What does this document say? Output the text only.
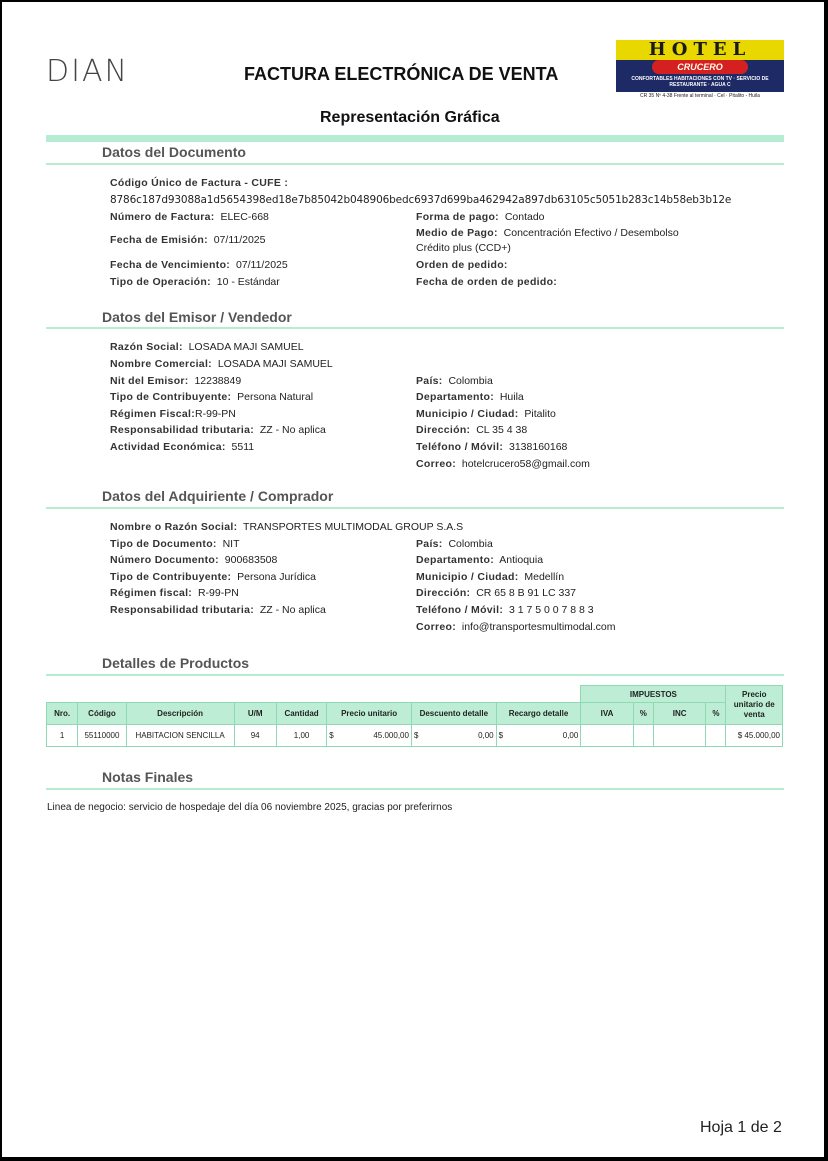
DIAN	FACTURA ELECTRÓNICA DE VENTA
HOTEL
CRUCERO
CONFORTABLES HABITACIONES CON TV · SERVICIO DE RESTAURANTE · AGUA C
CR 35 Nº 4-38 Frente al terminal · Cel · Pitalito - Huila
Representación Gráfica
Datos del Documento
Código Único de Factura - CUFE :
8786c187d93088a1d5654398ed18e7b85042b048906bedc6937d699ba462942a897db63105c5051b283c14b58eb3b12e
Número de Factura: ELEC-668
Fecha de Emisión: 07/11/2025
Fecha de Vencimiento: 07/11/2025
Tipo de Operación: 10 - Estándar
Forma de pago: Contado
Medio de Pago: Concentración Efectivo / Desembolso
Crédito plus (CCD+)
Orden de pedido:
Fecha de orden de pedido:
Datos del Emisor / Vendedor
Razón Social: LOSADA MAJI SAMUEL
Nombre Comercial: LOSADA MAJI SAMUEL
Nit del Emisor: 12238849
Tipo de Contribuyente: Persona Natural
Régimen Fiscal:R-99-PN
Responsabilidad tributaria: ZZ - No aplica
Actividad Económica: 5511
País: Colombia
Departamento: Huila
Municipio / Ciudad: Pitalito
Dirección: CL 35 4 38
Teléfono / Móvil: 3138160168
Correo: hotelcrucero58@gmail.com
Datos del Adquiriente / Comprador
Nombre o Razón Social: TRANSPORTES MULTIMODAL GROUP S.A.S
Tipo de Documento: NIT
Número Documento: 900683508
Tipo de Contribuyente: Persona Jurídica
Régimen fiscal: R-99-PN
Responsabilidad tributaria: ZZ - No aplica
País: Colombia
Departamento: Antioquia
Municipio / Ciudad: Medellín
Dirección: CR 65 8 B 91 LC 337
Teléfono / Móvil: 3 1 7 5 0 0 7 8 8 3
Correo: info@transportesmultimodal.com
Detalles de Productos
								IMPUESTOS				Precio unitario de venta
Nro.	Código	Descripción	U/M	Cantidad	Precio unitario	Descuento detalle	Recargo detalle	IVA	%	INC	%	
1	55110000	HABITACION SENCILLA	94	1,00	$ 45.000,00	$ 0,00	$ 0,00					$ 45.000,00
Notas Finales
Linea de negocio: servicio de hospedaje del día 06 noviembre 2025, gracias por preferirnos
Hoja 1 de 2
